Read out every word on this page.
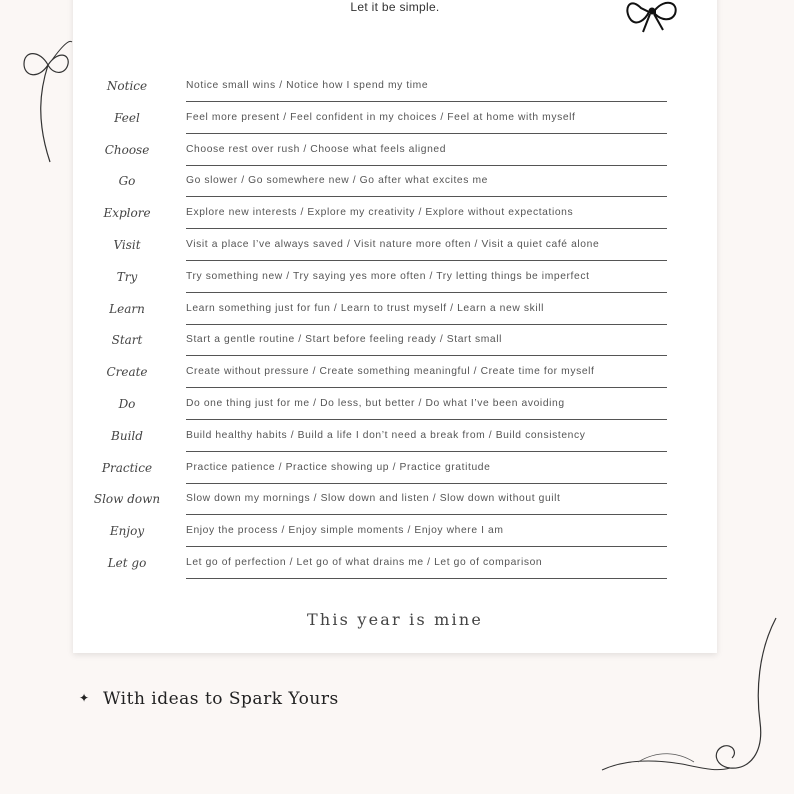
Let it be simple.
Notice	Notice small wins / Notice how I spend my time
Feel	Feel more present / Feel confident in my choices / Feel at home with myself
Choose	Choose rest over rush / Choose what feels aligned
Go	Go slower / Go somewhere new / Go after what excites me
Explore	Explore new interests / Explore my creativity / Explore without expectations
Visit	Visit a place I’ve always saved / Visit nature more often / Visit a quiet café alone
Try	Try something new / Try saying yes more often / Try letting things be imperfect
Learn	Learn something just for fun / Learn to trust myself / Learn a new skill
Start	Start a gentle routine / Start before feeling ready / Start small
Create	Create without pressure / Create something meaningful / Create time for myself
Do	Do one thing just for me / Do less, but better / Do what I’ve been avoiding
Build	Build healthy habits / Build a life I don’t need a break from / Build consistency
Practice	Practice patience / Practice showing up / Practice gratitude
Slow down	Slow down my mornings / Slow down and listen / Slow down without guilt
Enjoy	Enjoy the process / Enjoy simple moments / Enjoy where I am
Let go	Let go of perfection / Let go of what drains me / Let go of comparison
This year is mine
✦ With ideas to Spark Yours
